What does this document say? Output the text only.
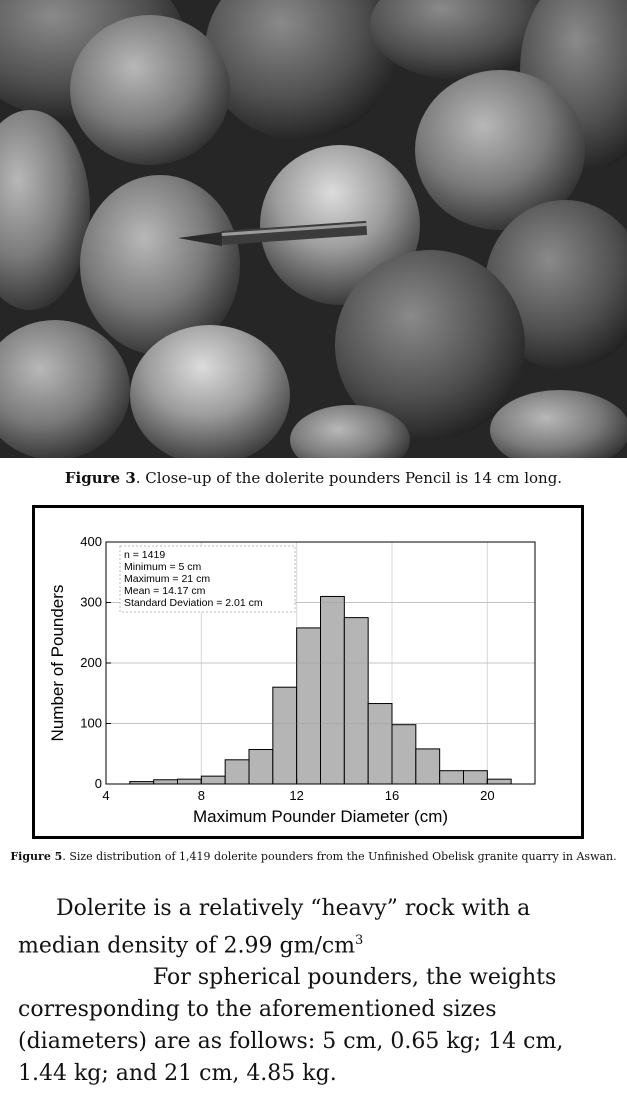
Figure 3. Close-up of the dolerite pounders Pencil is 14 cm long.
4	8	12	16	20
0
100
200
300
400
Maximum Pounder Diameter (cm)
Number of Pounders
n = 1419
Minimum = 5 cm
Maximum = 21 cm
Mean = 14.17 cm
Standard Deviation = 2.01 cm
Figure 5. Size distribution of 1,419 dolerite pounders from the Unfinished Obelisk granite quarry in Aswan.

Dolerite is a relatively “heavy” rock with a
median density of 2.99 $gm/cm^3$

For spherical pounders, the weights
corresponding to the aforementioned sizes
(diameters) are as follows: 5 cm, 0.65 kg; 14 cm,
1.44 kg; and 21 cm, 4.85 kg.
